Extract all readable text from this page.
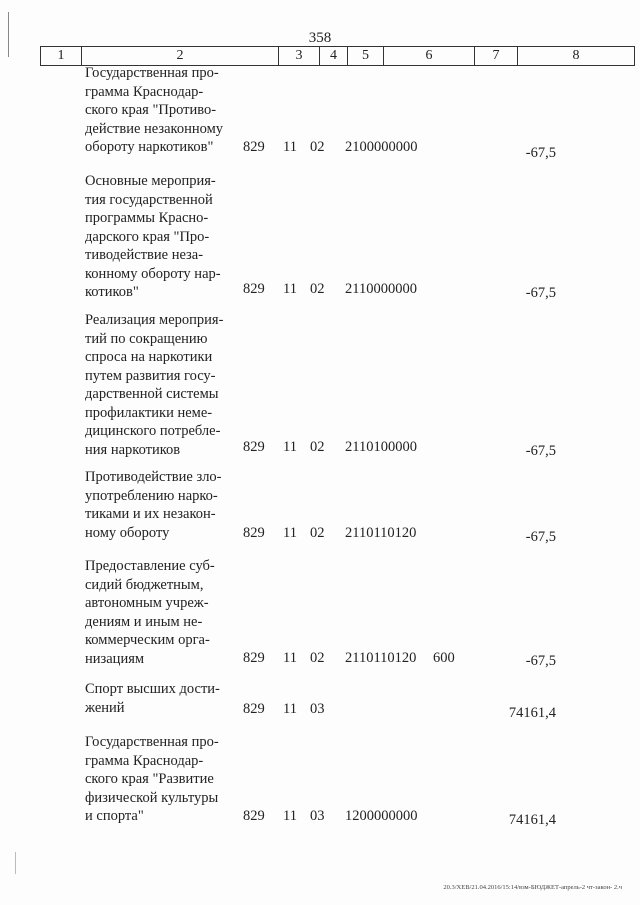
358
1	2	3	4	5	6	7	8
Государственная про-
грамма Краснодар-
ского края "Противо-
действие незаконному
обороту наркотиков"	829 11 02 2100000000	-67,5
Основные мероприя-
тия государственной
программы Красно-
дарского края "Про-
тиводействие неза-
конному обороту нар-
котиков"	829 11 02 2110000000	-67,5
Реализация мероприя-
тий по сокращению
спроса на наркотики
путем развития госу-
дарственной системы
профилактики неме-
дицинского потребле-
ния наркотиков	829 11 02 2110100000	-67,5
Противодействие зло-
употреблению нарко-
тиками и их незакон-
ному обороту	829 11 02 2110110120	-67,5
Предоставление суб-
сидий бюджетным,
автономным учреж-
дениям и иным не-
коммерческим орга-
низациям	829 11 02 2110110120 600	-67,5
Спорт высших дости-
жений	829 11 03	74161,4
Государственная про-
грамма Краснодар-
ского края "Развитие
физической культуры
и спорта"	829 11 03 1200000000	74161,4
20.3/ХЕВ/21.04.2016/15:14/взм-БЮДЖЕТ-апрель-2 чт-закон- 2.ч
